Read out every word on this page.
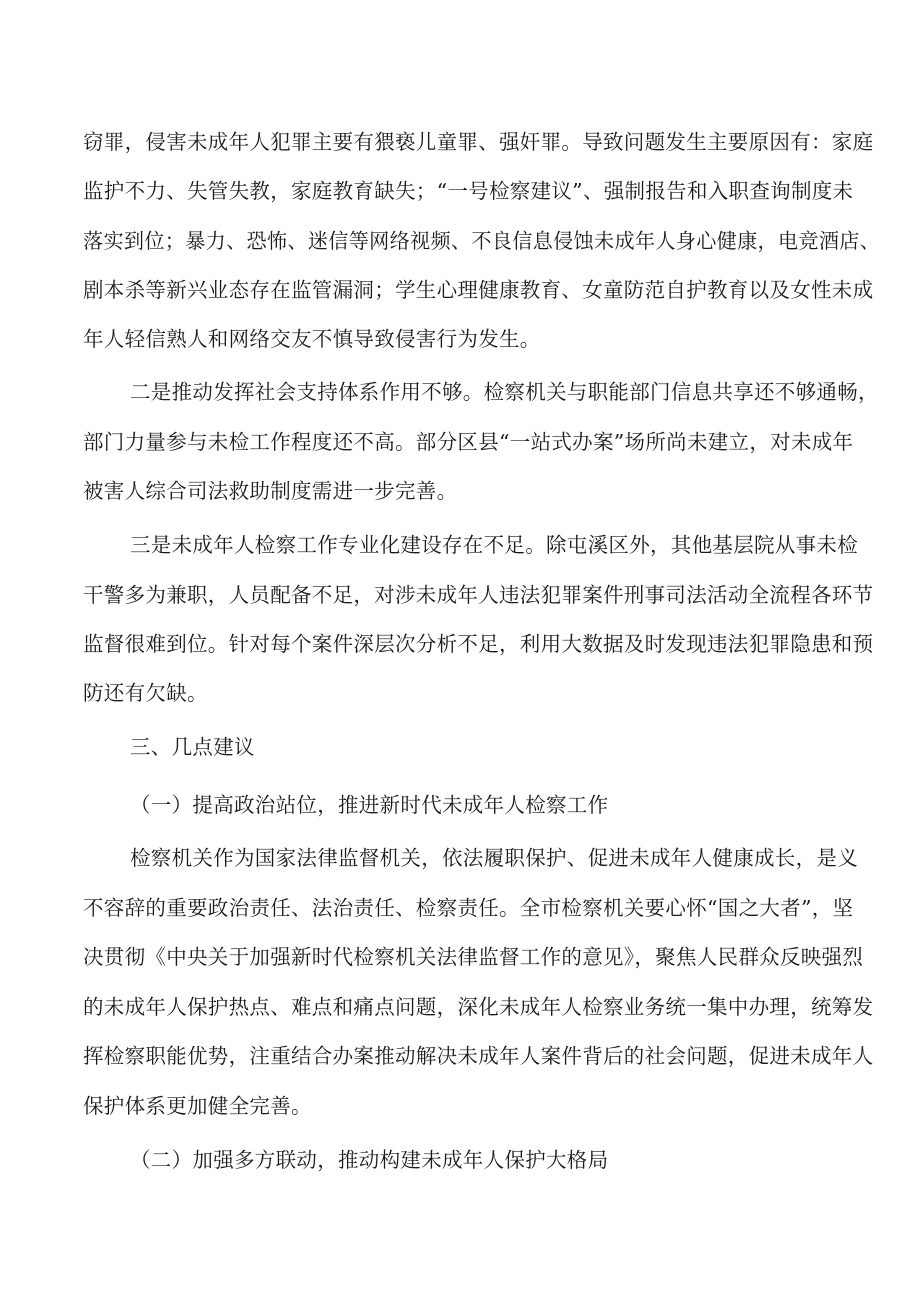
窃罪，侵害未成年人犯罪主要有猥亵儿童罪、强奸罪。导致问题发生主要原因有：家庭
监护不力、失管失教，家庭教育缺失；“一号检察建议”、强制报告和入职查询制度未
落实到位；暴力、恐怖、迷信等网络视频、不良信息侵蚀未成年人身心健康，电竞酒店、
剧本杀等新兴业态存在监管漏洞；学生心理健康教育、女童防范自护教育以及女性未成
年人轻信熟人和网络交友不慎导致侵害行为发生。
二是推动发挥社会支持体系作用不够。检察机关与职能部门信息共享还不够通畅，
部门力量参与未检工作程度还不高。部分区县“一站式办案”场所尚未建立，对未成年
被害人综合司法救助制度需进一步完善。
三是未成年人检察工作专业化建设存在不足。除屯溪区外，其他基层院从事未检
干警多为兼职，人员配备不足，对涉未成年人违法犯罪案件刑事司法活动全流程各环节
监督很难到位。针对每个案件深层次分析不足，利用大数据及时发现违法犯罪隐患和预
防还有欠缺。
三、几点建议
（一）提高政治站位，推进新时代未成年人检察工作
检察机关作为国家法律监督机关，依法履职保护、促进未成年人健康成长，是义
不容辞的重要政治责任、法治责任、检察责任。全市检察机关要心怀“国之大者”，坚
决贯彻《中央关于加强新时代检察机关法律监督工作的意见》，聚焦人民群众反映强烈
的未成年人保护热点、难点和痛点问题，深化未成年人检察业务统一集中办理，统筹发
挥检察职能优势，注重结合办案推动解决未成年人案件背后的社会问题，促进未成年人
保护体系更加健全完善。
（二）加强多方联动，推动构建未成年人保护大格局
